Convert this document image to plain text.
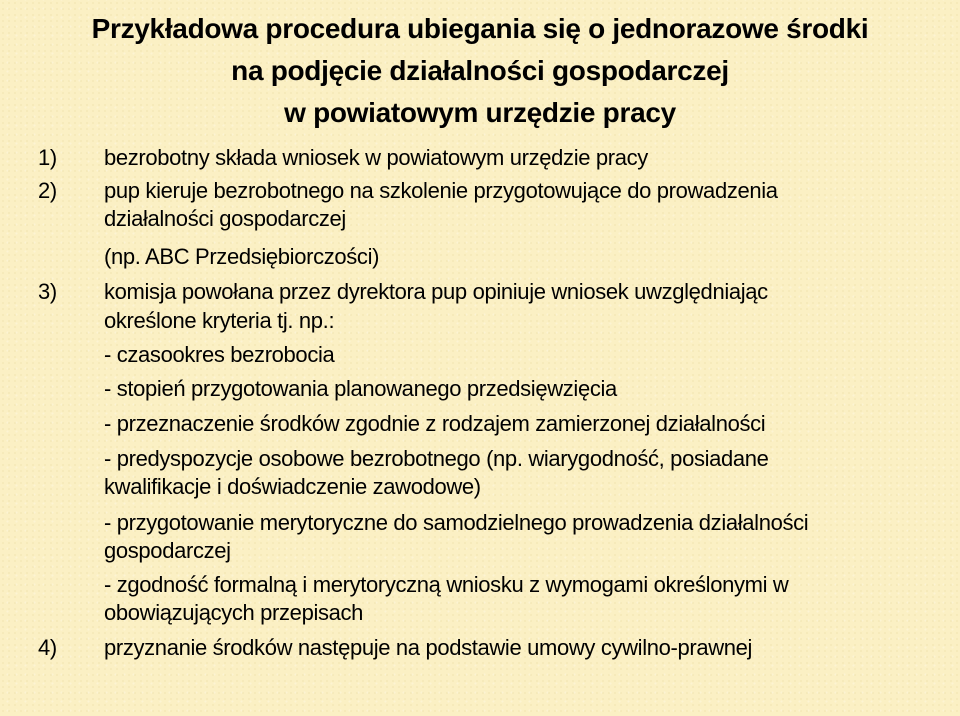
Przykładowa procedura ubiegania się o jednorazowe środki
na podjęcie działalności gospodarczej
w powiatowym urzędzie pracy
1) bezrobotny składa wniosek w powiatowym urzędzie pracy
2) pup kieruje bezrobotnego na szkolenie przygotowujące do prowadzenia
działalności gospodarczej
(np. ABC Przedsiębiorczości)
3) komisja powołana przez dyrektora pup opiniuje wniosek uwzględniając
określone kryteria tj. np.:
- czasookres bezrobocia
- stopień przygotowania planowanego przedsięwzięcia
- przeznaczenie środków zgodnie z rodzajem zamierzonej działalności
- predyspozycje osobowe bezrobotnego (np. wiarygodność, posiadane
kwalifikacje i doświadczenie zawodowe)
- przygotowanie merytoryczne do samodzielnego prowadzenia działalności
gospodarczej
- zgodność formalną i merytoryczną wniosku z wymogami określonymi w
obowiązujących przepisach
4) przyznanie środków następuje na podstawie umowy cywilno-prawnej
